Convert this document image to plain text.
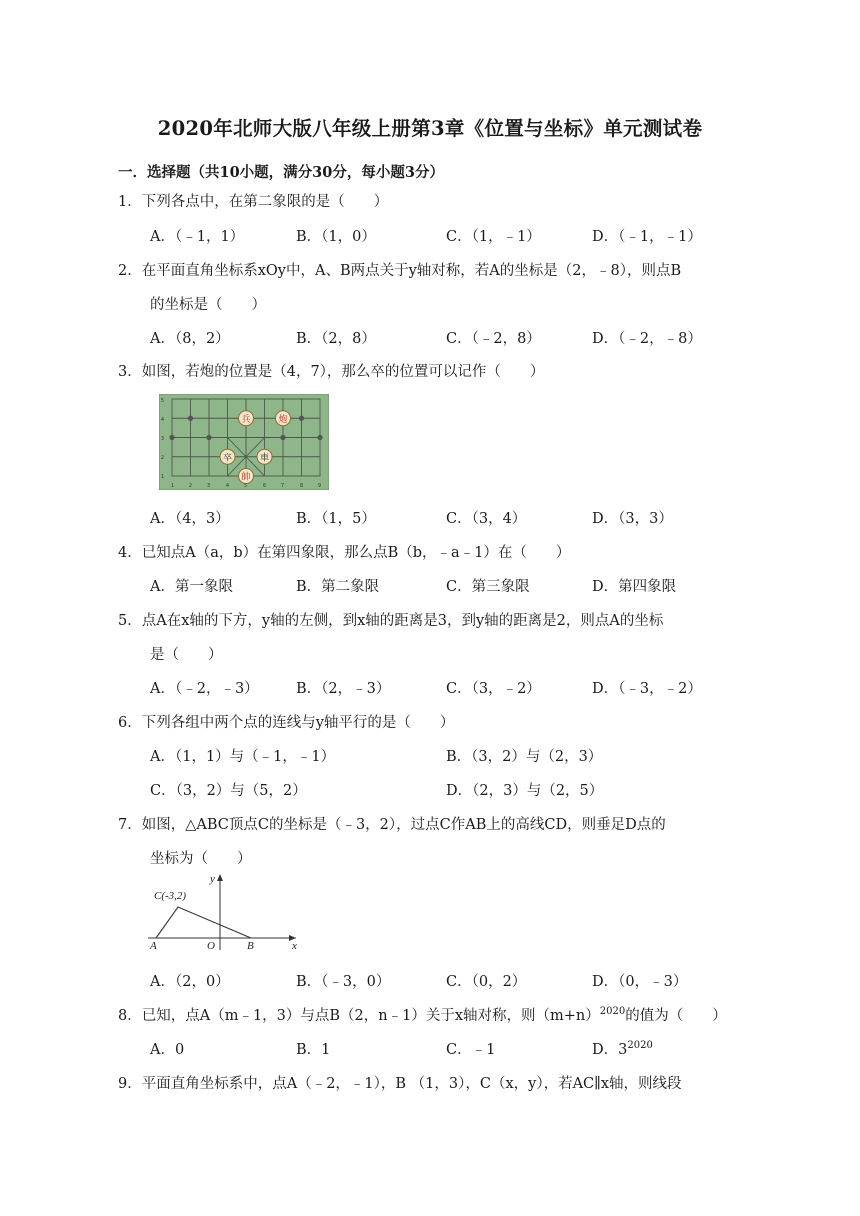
2020年北师大版八年级上册第3章《位置与坐标》单元测试卷
一．选择题（共10小题，满分30分，每小题3分）
1．下列各点中，在第二象限的是（　　）
A．（﹣1，1）	B．（1，0）	C．（1，﹣1）	D．（﹣1，﹣1）
2．在平面直角坐标系xOy中，A、B两点关于y轴对称，若A的坐标是（2，﹣8），则点B
的坐标是（　　）
A．（8，2）	B．（2，8）	C．（﹣2，8）	D．（﹣2，﹣8）
3．如图，若炮的位置是（4，7），那么卒的位置可以记作（　　）
5
4
3
2
1
1	2	3	4	5	6	7	8	9
兵	炮
卒	車
帥
A．（4，3）	B．（1，5）	C．（3，4）	D．（3，3）
4．已知点A（a，b）在第四象限，那么点B（b，﹣a﹣1）在（　　）
A．第一象限	B．第二象限	C．第三象限	D．第四象限
5．点A在x轴的下方，y轴的左侧，到x轴的距离是3，到y轴的距离是2，则点A的坐标
是（　　）
A．（﹣2，﹣3）	B．（2，﹣3）	C．（3，﹣2）	D．（﹣3，﹣2）
6．下列各组中两个点的连线与y轴平行的是（　　）
A．（1，1）与（﹣1，﹣1）	B．（3，2）与（2，3）
C．（3，2）与（5，2）	D．（2，3）与（2，5）
7．如图，△ABC顶点C的坐标是（﹣3，2），过点C作AB上的高线CD，则垂足D点的
坐标为（　　）
C(-3,2)
A	O	B	x
y
A．（2，0）	B．（﹣3，0）	C．（0，2）	D．（0，﹣3）
8．已知，点A（m﹣1，3）与点B（2，n﹣1）关于x轴对称，则$(m+n)^{2020}$的值为（　　）
A．0	B．1	C．﹣1	D．$3^{2020}$
9．平面直角坐标系中，点A（﹣2，﹣1），B （1，3），C（x，y），若AC∥x轴，则线段
